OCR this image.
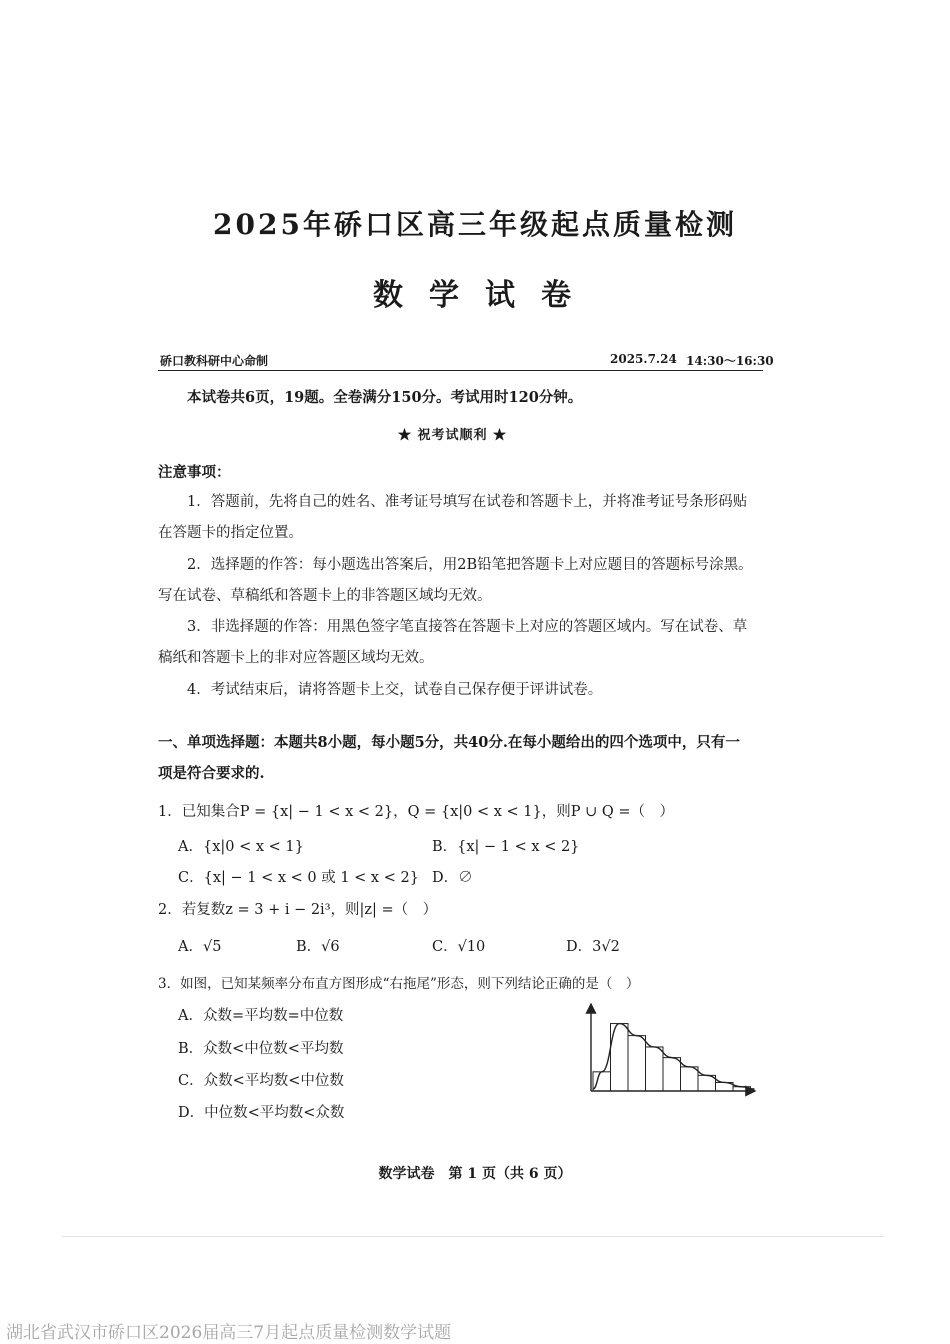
2025年硚口区高三年级起点质量检测
数学试卷
硚口教科研中心命制	2025.7.24 14:30～16:30
本试卷共6页，19题。全卷满分150分。考试用时120分钟。
★ 祝考试顺利 ★
注意事项：
1．答题前，先将自己的姓名、准考证号填写在试卷和答题卡上，并将准考证号条形码贴
在答题卡的指定位置。
2．选择题的作答：每小题选出答案后，用2B铅笔把答题卡上对应题目的答题标号涂黑。
写在试卷、草稿纸和答题卡上的非答题区域均无效。
3．非选择题的作答：用黑色签字笔直接答在答题卡上对应的答题区域内。写在试卷、草
稿纸和答题卡上的非对应答题区域均无效。
4．考试结束后，请将答题卡上交，试卷自己保存便于评讲试卷。
一、单项选择题：本题共8小题，每小题5分，共40分.在每小题给出的四个选项中，只有一
项是符合要求的.
1．已知集合P = {x| − 1 < x < 2}，Q = {x|0 < x < 1}，则P ∪ Q =（　）
A．{x|0 < x < 1}	B．{x| − 1 < x < 2}
C．{x| − 1 < x < 0 或 1 < x < 2} D．∅
2．若复数z = 3 + i − 2i³，则|z| =（　）
A．√5	B．√6	C．√10	D．3√2
3．如图，已知某频率分布直方图形成“右拖尾”形态，则下列结论正确的是（　）
A．众数=平均数=中位数
B．众数<中位数<平均数
C．众数<平均数<中位数
D．中位数<平均数<众数
数学试卷　第 1 页（共 6 页）
湖北省武汉市硚口区2026届高三7月起点质量检测数学试题
